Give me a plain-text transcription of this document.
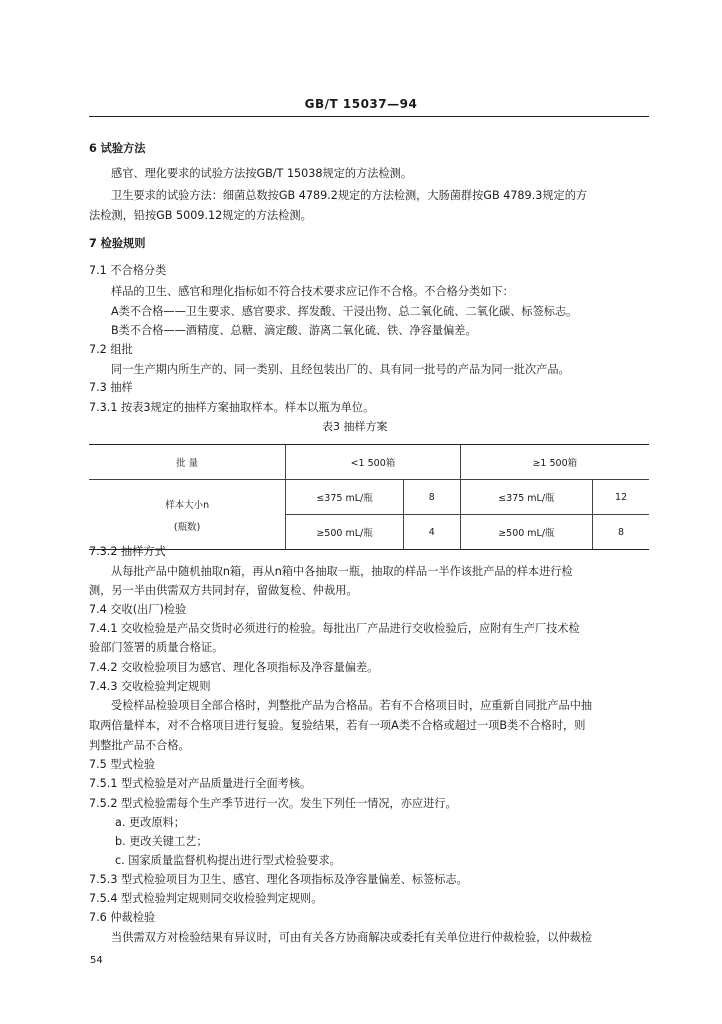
GB/T 15037—94
6 试验方法
感官、理化要求的试验方法按GB/T 15038规定的方法检测。
卫生要求的试验方法：细菌总数按GB 4789.2规定的方法检测，大肠菌群按GB 4789.3规定的方
法检测，铅按GB 5009.12规定的方法检测。
7 检验规则
7.1 不合格分类
样品的卫生、感官和理化指标如不符合技术要求应记作不合格。不合格分类如下：
A类不合格——卫生要求、感官要求、挥发酸、干浸出物、总二氧化硫、二氧化碳、标签标志。
B类不合格——酒精度、总糖、滴定酸、游离二氧化硫、铁、净容量偏差。
7.2 组批
同一生产期内所生产的、同一类别、且经包装出厂的、具有同一批号的产品为同一批次产品。
7.3 抽样
7.3.1 按表3规定的抽样方案抽取样本。样本以瓶为单位。
表3 抽样方案
批 量	<1 500箱		≥1 500箱	

样本大小n
(瓶数)	≤375 mL/瓶	8	≤375 mL/瓶	12
	≥500 mL/瓶	4	≥500 mL/瓶	8
7.3.2 抽样方式
从每批产品中随机抽取n箱，再从n箱中各抽取一瓶，抽取的样品一半作该批产品的样本进行检
测，另一半由供需双方共同封存，留做复检、仲裁用。
7.4 交收(出厂)检验
7.4.1 交收检验是产品交货时必须进行的检验。每批出厂产品进行交收检验后，应附有生产厂技术检
验部门签署的质量合格证。
7.4.2 交收检验项目为感官、理化各项指标及净容量偏差。
7.4.3 交收检验判定规则
受检样品检验项目全部合格时，判整批产品为合格品。若有不合格项目时，应重新自同批产品中抽
取两倍量样本，对不合格项目进行复验。复验结果，若有一项A类不合格或超过一项B类不合格时，则
判整批产品不合格。
7.5 型式检验
7.5.1 型式检验是对产品质量进行全面考核。
7.5.2 型式检验需每个生产季节进行一次。发生下列任一情况，亦应进行。
a. 更改原料；
b. 更改关键工艺；
c. 国家质量监督机构提出进行型式检验要求。
7.5.3 型式检验项目为卫生、感官、理化各项指标及净容量偏差、标签标志。
7.5.4 型式检验判定规则同交收检验判定规则。
7.6 仲裁检验
当供需双方对检验结果有异议时，可由有关各方协商解决或委托有关单位进行仲裁检验，以仲裁检
54
